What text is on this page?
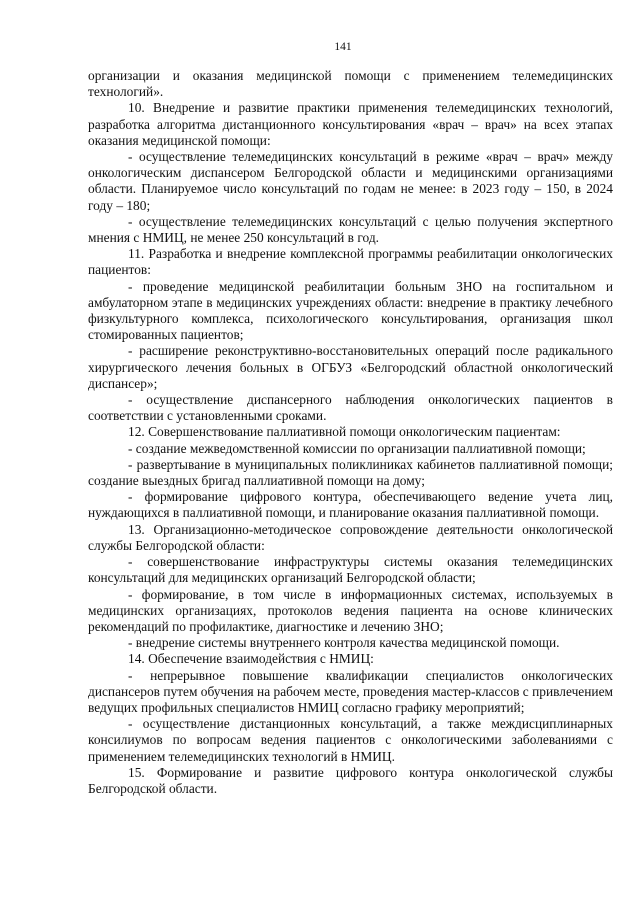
141

организации и оказания медицинской помощи с применением телемедицинских технологий».

10. Внедрение и развитие практики применения телемедицинских технологий, разработка алгоритма дистанционного консультирования «врач – врач» на всех этапах оказания медицинской помощи:

- осуществление телемедицинских консультаций в режиме «врач – врач» между онкологическим диспансером Белгородской области и медицинскими организациями области. Планируемое число консультаций по годам не менее: в 2023 году – 150, в 2024 году – 180;

- осуществление телемедицинских консультаций с целью получения экспертного мнения с НМИЦ, не менее 250 консультаций в год.

11. Разработка и внедрение комплексной программы реабилитации онкологических пациентов:

- проведение медицинской реабилитации больным ЗНО на госпитальном и амбулаторном этапе в медицинских учреждениях области: внедрение в практику лечебного физкультурного комплекса, психологического консультирования, организация школ стомированных пациентов;

- расширение реконструктивно-восстановительных операций после радикального хирургического лечения больных в ОГБУЗ «Белгородский областной онкологический диспансер»;

- осуществление диспансерного наблюдения онкологических пациентов в соответствии с установленными сроками.

12. Совершенствование паллиативной помощи онкологическим пациентам:

- создание межведомственной комиссии по организации паллиативной помощи;

- развертывание в муниципальных поликлиниках кабинетов паллиативной помощи; создание выездных бригад паллиативной помощи на дому;

- формирование цифрового контура, обеспечивающего ведение учета лиц, нуждающихся в паллиативной помощи, и планирование оказания паллиативной помощи.

13. Организационно-методическое сопровождение деятельности онкологической службы Белгородской области:

- совершенствование инфраструктуры системы оказания телемедицинских консультаций для медицинских организаций Белгородской области;

- формирование, в том числе в информационных системах, используемых в медицинских организациях, протоколов ведения пациента на основе клинических рекомендаций по профилактике, диагностике и лечению ЗНО;

- внедрение системы внутреннего контроля качества медицинской помощи.

14. Обеспечение взаимодействия с НМИЦ:

- непрерывное повышение квалификации специалистов онкологических диспансеров путем обучения на рабочем месте, проведения мастер-классов с привлечением ведущих профильных специалистов НМИЦ согласно графику мероприятий;

- осуществление дистанционных консультаций, а также междисциплинарных консилиумов по вопросам ведения пациентов с онкологическими заболеваниями с применением телемедицинских технологий в НМИЦ.

15. Формирование и развитие цифрового контура онкологической службы Белгородской области.
